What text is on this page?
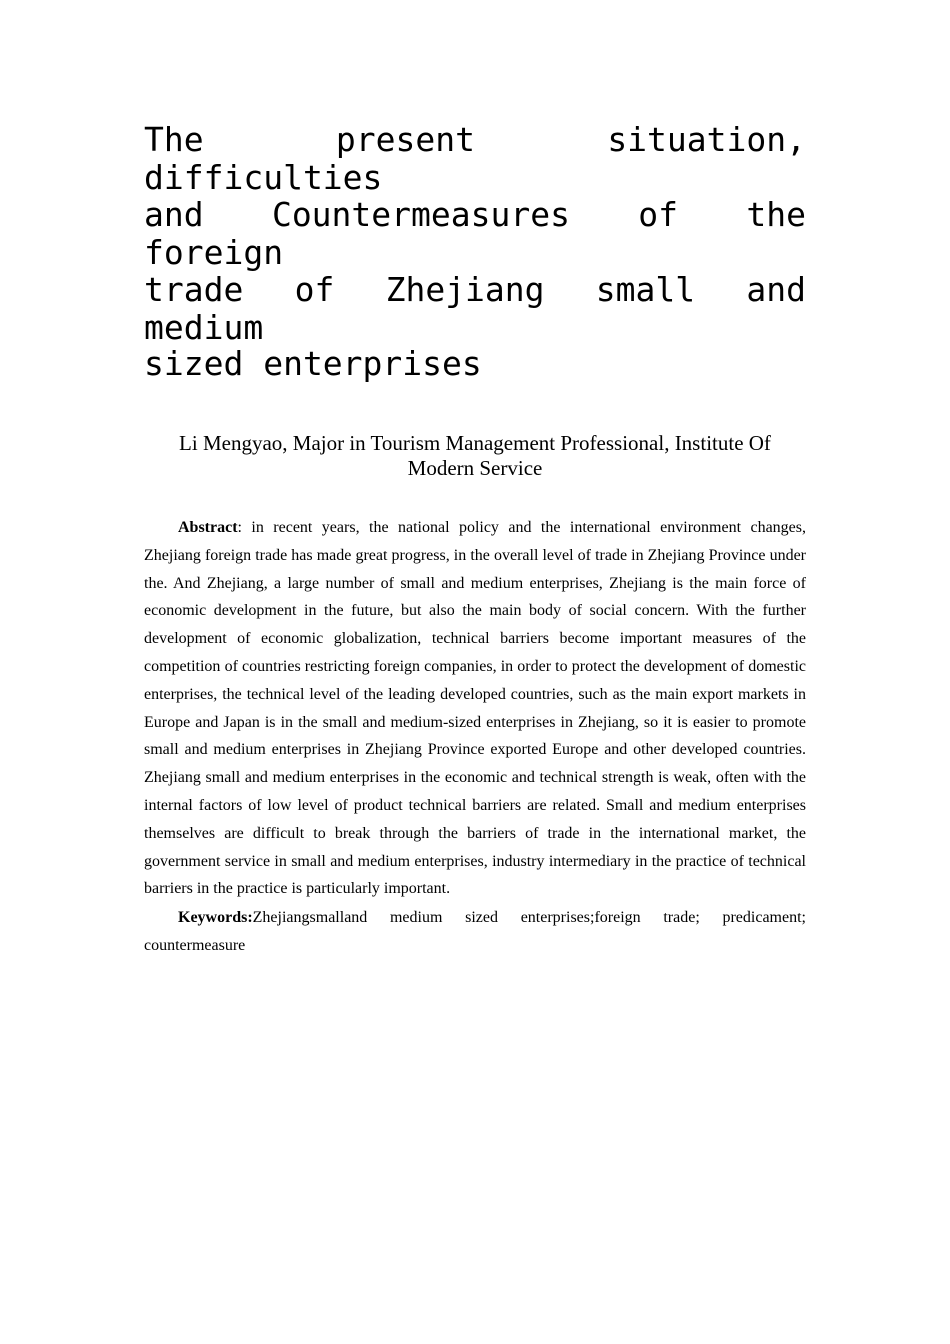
The present situation, difficulties
and Countermeasures of the foreign
trade of Zhejiang small and medium
sized enterprises
Li Mengyao, Major in Tourism Management Professional, Institute Of
Modern Service

Abstract: in recent years, the national policy and the international environment changes, Zhejiang foreign trade has made great progress, in the overall level of trade in Zhejiang Province under the. And Zhejiang, a large number of small and medium enterprises, Zhejiang is the main force of economic development in the future, but also the main body of social concern. With the further development of economic globalization, technical barriers become important measures of the competition of countries restricting foreign companies, in order to protect the development of domestic enterprises, the technical level of the leading developed countries, such as the main export markets in Europe and Japan is in the small and medium-sized enterprises in Zhejiang, so it is easier to promote small and medium enterprises in Zhejiang Province exported Europe and other developed countries. Zhejiang small and medium enterprises in the economic and technical strength is weak, often with the internal factors of low level of product technical barriers are related. Small and medium enterprises themselves are difficult to break through the barriers of trade in the international market, the government service in small and medium enterprises, industry intermediary in the practice of technical barriers in the practice is particularly important.

Keywords:Zhejiangsmalland medium sized enterprises;foreign trade; predicament; countermeasure
